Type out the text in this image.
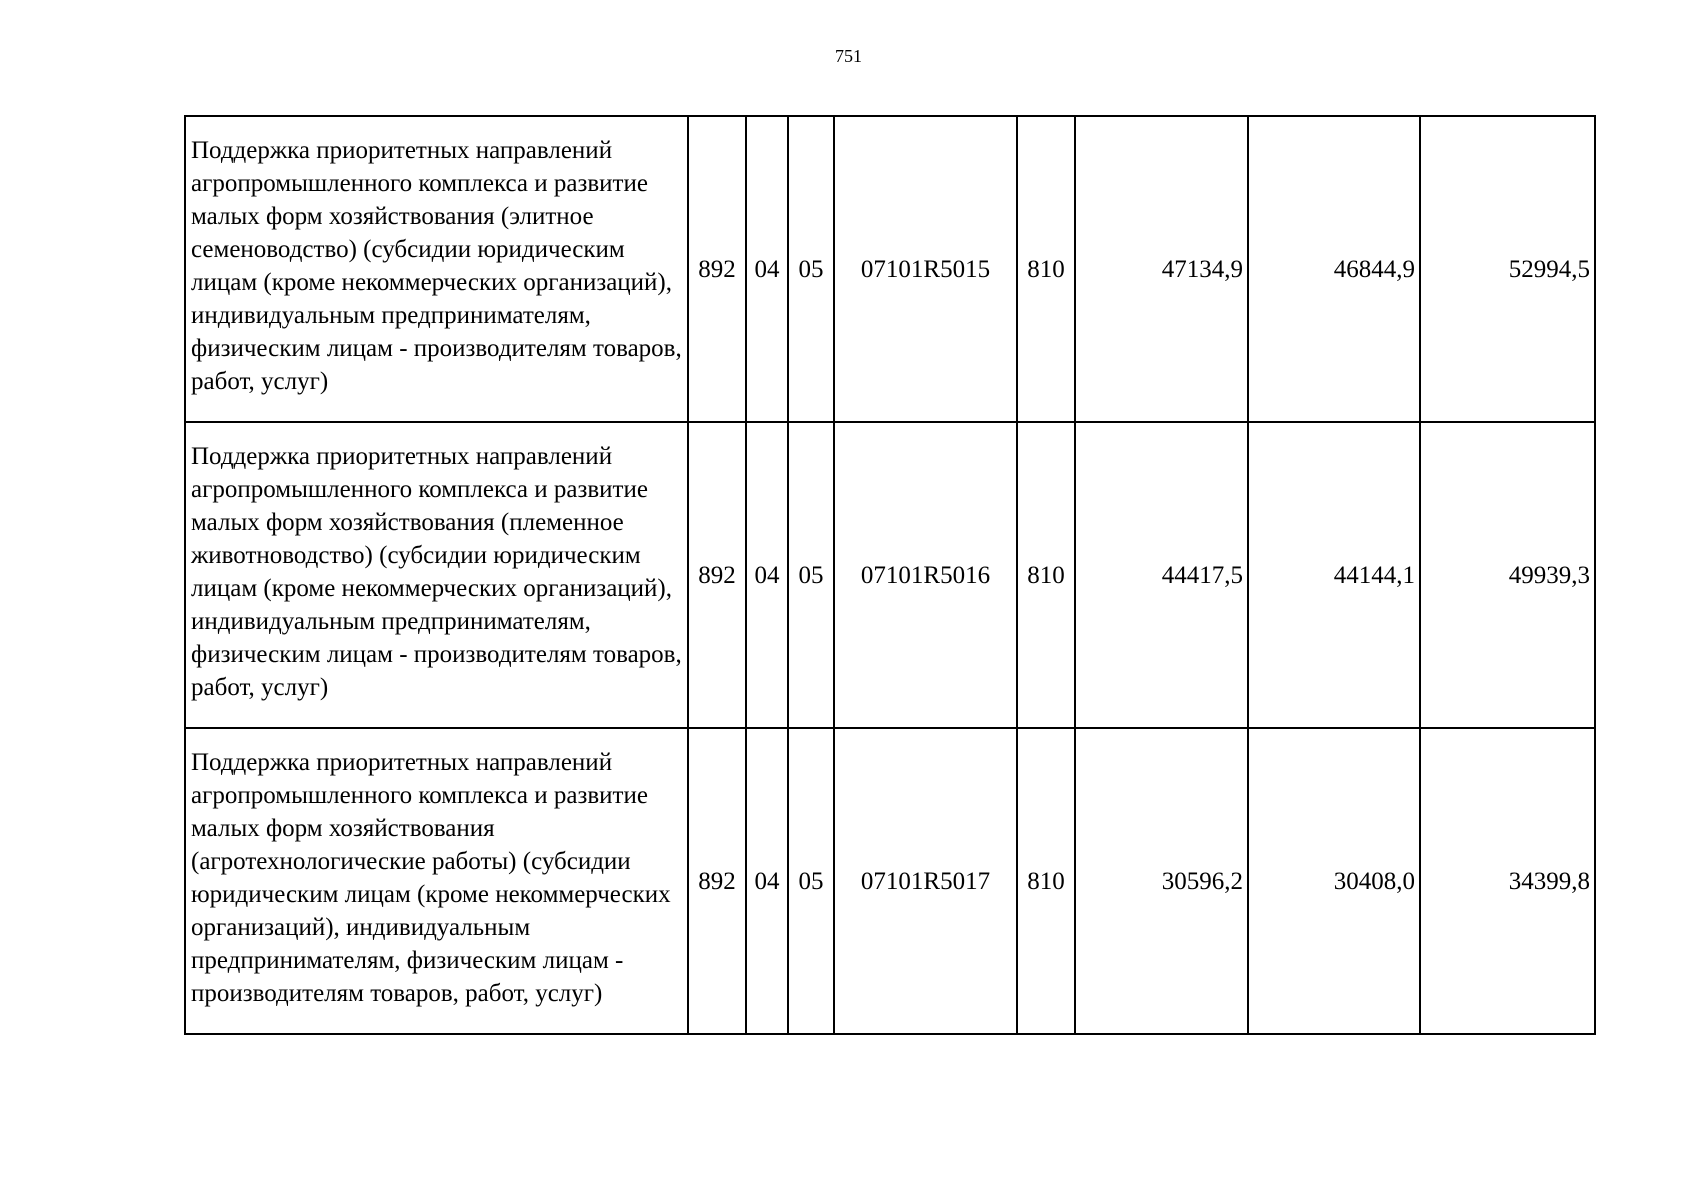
751
Поддержка приоритетных направлений агропромышленного комплекса и развитие малых форм хозяйствования (элитное семеноводство) (субсидии юридическим лицам (кроме некоммерческих организаций), индивидуальным предпринимателям, физическим лицам - производителям товаров, работ, услуг)	892	04	05	07101R5015	810	47134,9	46844,9	52994,5
Поддержка приоритетных направлений агропромышленного комплекса и развитие малых форм хозяйствования (племенное животноводство) (субсидии юридическим лицам (кроме некоммерческих организаций), индивидуальным предпринимателям, физическим лицам - производителям товаров, работ, услуг)	892	04	05	07101R5016	810	44417,5	44144,1	49939,3
Поддержка приоритетных направлений агропромышленного комплекса и развитие малых форм хозяйствования (агротехнологические работы) (субсидии юридическим лицам (кроме некоммерческих организаций), индивидуальным предпринимателям, физическим лицам - производителям товаров, работ, услуг)	892	04	05	07101R5017	810	30596,2	30408,0	34399,8
